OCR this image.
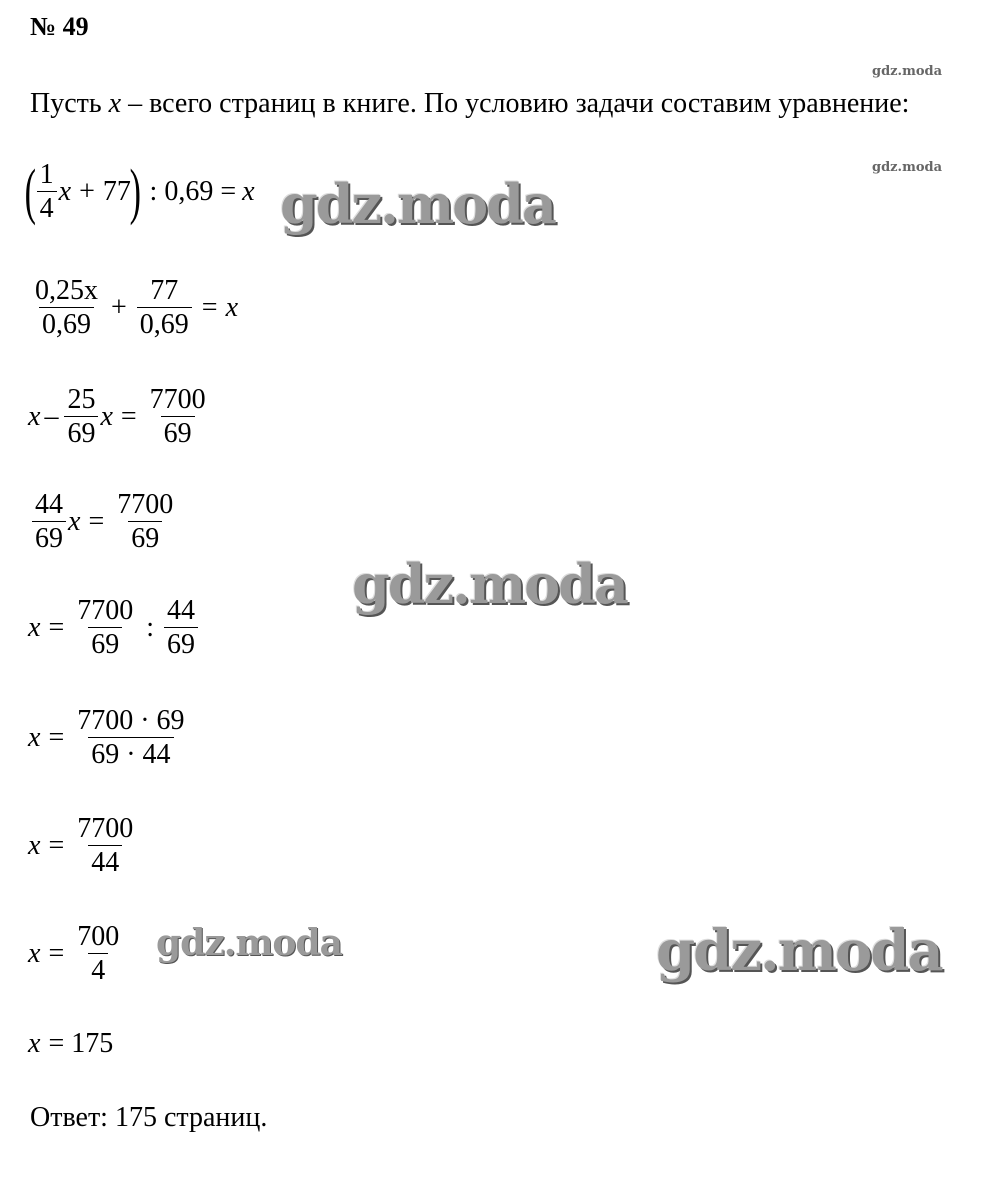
№ 49
gdz.moda
gdz.moda
Пусть x – всего страниц в книге. По условию задачи составим уравнение:
( $\frac{1}{4}$ x + 77
) : 0,69 = x gdz.moda
$\frac{0,25x}{0,69} + \frac{77}{0,69} = x$
x – $\frac{25}{69}$ $x = \frac{7700}{69}$
$\frac{44}{69}$ $x = \frac{7700}{69}$
gdz.moda
$x = \frac{7700}{69}$ : $\frac{44}{69}$
$x = \frac{7700 \cdot 69}{69 \cdot 44}$
$x = \frac{7700}{44}$
$x = \frac{700}{4}$ gdz.moda	gdz.moda
x = 175
Ответ: 175 страниц.
